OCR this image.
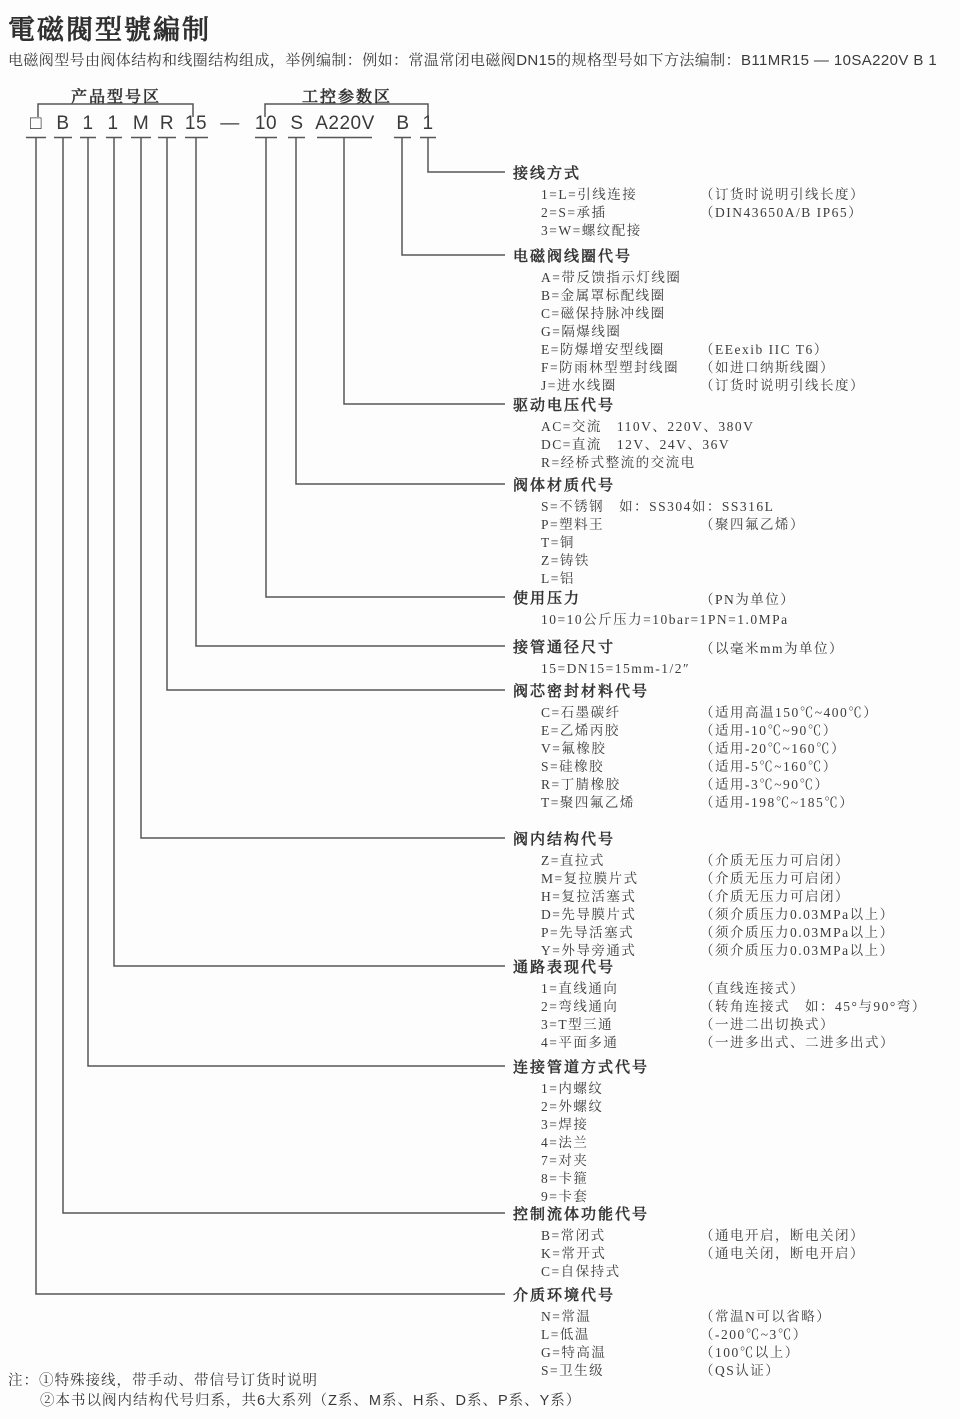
電磁閥型號編制
电磁阀型号由阀体结构和线圈结构组成，举例编制：例如：常温常闭电磁阀DN15的规格型号如下方法编制：B11MR15 — 10SA220V B 1
产品型号区	工控参数区
□ B 1 1 M R 15 — 10 S A220V B 1
接线方式
1=L=引线连接	（订货时说明引线长度）
2=S=承插	（DIN43650A/B IP65）
3=W=螺纹配接
电磁阀线圈代号
A=带反馈指示灯线圈
B=金属罩标配线圈
C=磁保持脉冲线圈
G=隔爆线圈
E=防爆增安型线圈	（EEexib IIC T6）
F=防雨林型塑封线圈 （如进口纳斯线圈）
J=进水线圈	（订货时说明引线长度）
驱动电压代号
AC=交流　110V、220V、380V
DC=直流　12V、24V、36V
R=经桥式整流的交流电
阀体材质代号
S=不锈钢　如：SS304如：SS316L
P=塑料王	（聚四氟乙烯）
T=铜
Z=铸铁
L=铝
使用压力	（PN为单位）
10=10公斤压力=10bar=1PN=1.0MPa
接管通径尺寸	（以毫米mm为单位）
15=DN15=15mm-1/2″
阀芯密封材料代号
C=石墨碳纤	（适用高温150℃~400℃）
E=乙烯丙胶	（适用-10℃~90℃）
V=氟橡胶	（适用-20℃~160℃）
S=硅橡胶	（适用-5℃~160℃）
R=丁腈橡胶	（适用-3℃~90℃）
T=聚四氟乙烯	（适用-198℃~185℃）
阀内结构代号
Z=直拉式	（介质无压力可启闭）
M=复拉膜片式	（介质无压力可启闭）
H=复拉活塞式	（介质无压力可启闭）
D=先导膜片式	（须介质压力0.03MPa以上）
P=先导活塞式	（须介质压力0.03MPa以上）
Y=外导旁通式	（须介质压力0.03MPa以上）
通路表现代号
1=直线通向	（直线连接式）
2=弯线通向	（转角连接式　如：45°与90°弯）
3=T型三通	（一进二出切换式）
4=平面多通	（一进多出式、二进多出式）
连接管道方式代号
1=内螺纹
2=外螺纹
3=焊接
4=法兰
7=对夹
8=卡箍
9=卡套
控制流体功能代号
B=常闭式	（通电开启，断电关闭）
K=常开式	（通电关闭，断电开启）
C=自保持式
介质环境代号
N=常温	（常温N可以省略）
L=低温	（-200℃~3℃）
G=特高温	（100℃以上）
S=卫生级	（QS认证）
注：①特殊接线，带手动、带信号订货时说明
②本书以阀内结构代号归系，共6大系列（Z系、M系、H系、D系、P系、Y系）
